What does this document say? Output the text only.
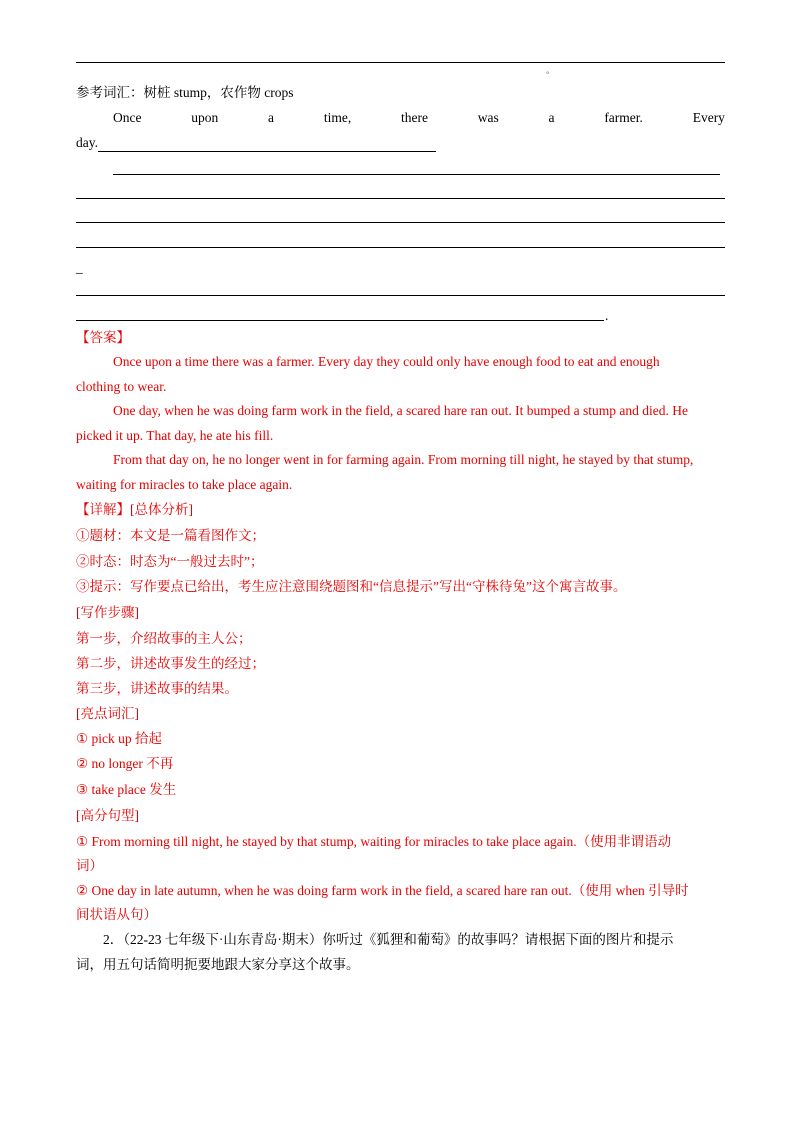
°
参考词汇：树桩 stump，农作物 crops
Once	upon	a	time,	there	was	a	farmer.	Every
day.
_
.
【答案】
Once upon a time there was a farmer. Every day they could only have enough food to eat and enough
clothing to wear.
One day, when he was doing farm work in the field, a scared hare ran out. It bumped a stump and died. He
picked it up. That day, he ate his fill.
From that day on, he no longer went in for farming again. From morning till night, he stayed by that stump,
waiting for miracles to take place again.
【详解】[总体分析]
①题材：本文是一篇看图作文；
②时态：时态为“一般过去时”；
③提示：写作要点已给出，考生应注意围绕题图和“信息提示”写出“守株待兔”这个寓言故事。
[写作步骤]
第一步，介绍故事的主人公；
第二步，讲述故事发生的经过；
第三步，讲述故事的结果。
[亮点词汇]
① pick up 拾起
② no longer 不再
③ take place 发生
[高分句型]
① From morning till night, he stayed by that stump, waiting for miracles to take place again.（使用非谓语动
词）
② One day in late autumn, when he was doing farm work in the field, a scared hare ran out.（使用 when 引导时
间状语从句）
2．（22-23 七年级下·山东青岛·期末）你听过《狐狸和葡萄》的故事吗？请根据下面的图片和提示
词，用五句话简明扼要地跟大家分享这个故事。
